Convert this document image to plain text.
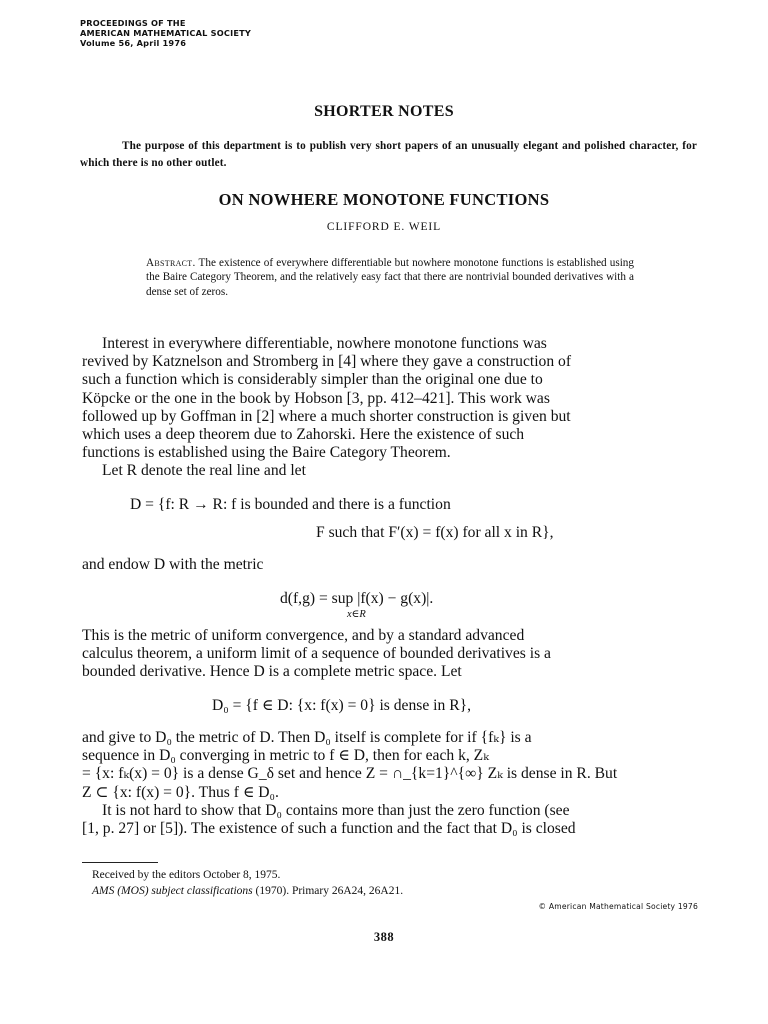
PROCEEDINGS OF THE
AMERICAN MATHEMATICAL SOCIETY
Volume 56, April 1976
SHORTER NOTES
The purpose of this department is to publish very short papers of an unusually elegant and polished character, for which there is no other outlet.
ON NOWHERE MONOTONE FUNCTIONS
CLIFFORD E. WEIL
Abstract. The existence of everywhere differentiable but nowhere monotone functions is established using the Baire Category Theorem, and the relatively easy fact that there are nontrivial bounded derivatives with a dense set of zeros.
Interest in everywhere differentiable, nowhere monotone functions was
revived by Katznelson and Stromberg in [4] where they gave a construction of
such a function which is considerably simpler than the original one due to
Köpcke or the one in the book by Hobson [3, pp. 412–421]. This work was
followed up by Goffman in [2] where a much shorter construction is given but
which uses a deep theorem due to Zahorski. Here the existence of such
functions is established using the Baire Category Theorem.
Let R denote the real line and let
D = {f: R → R: f is bounded and there is a function
F such that F′(x) = f(x) for all x in R},
and endow D with the metric
d(f,g) = sup |f(x) − g(x)|.
x∈R
This is the metric of uniform convergence, and by a standard advanced
calculus theorem, a uniform limit of a sequence of bounded derivatives is a
bounded derivative. Hence D is a complete metric space. Let
D₀ = {f ∈ D: {x: f(x) = 0} is dense in R},
and give to D₀ the metric of D. Then D₀ itself is complete for if {fₖ} is a
sequence in D₀ converging in metric to f ∈ D, then for each k, Zₖ
= {x: fₖ(x) = 0} is a dense G_δ set and hence Z = ∩_{k=1}^{∞} Zₖ is dense in R. But
Z ⊂ {x: f(x) = 0}. Thus f ∈ D₀.
It is not hard to show that D₀ contains more than just the zero function (see
[1, p. 27] or [5]). The existence of such a function and the fact that D₀ is closed
Received by the editors October 8, 1975.
AMS (MOS) subject classifications (1970). Primary 26A24, 26A21.
© American Mathematical Society 1976
388
